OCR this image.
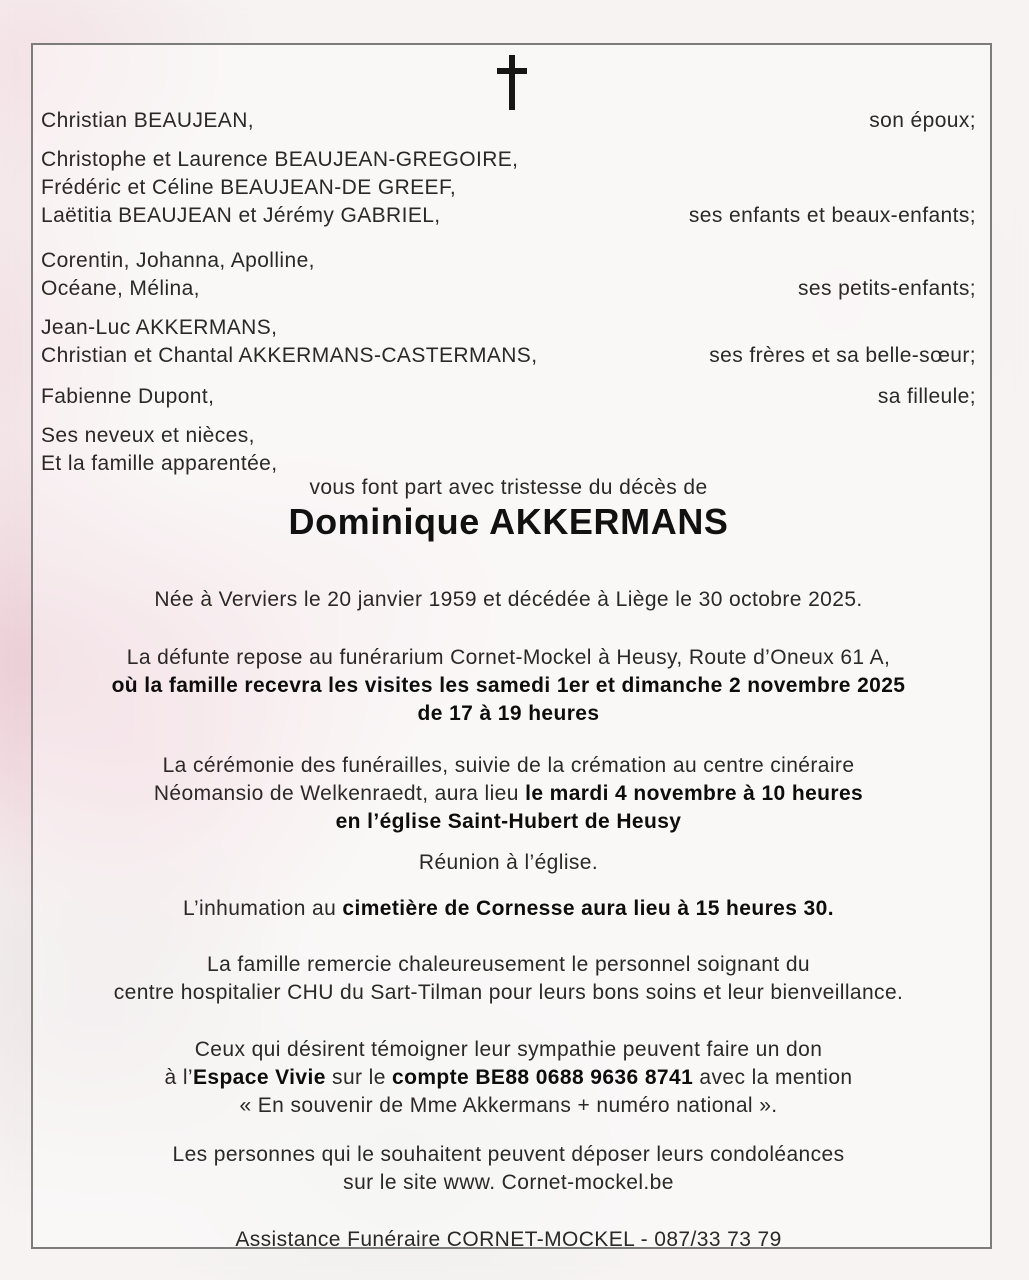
Christian BEAUJEAN,	son époux;
Christophe et Laurence BEAUJEAN-GREGOIRE,
Frédéric et Céline BEAUJEAN-DE GREEF,
Laëtitia BEAUJEAN et Jérémy GABRIEL,	ses enfants et beaux-enfants;
Corentin, Johanna, Apolline,
Océane, Mélina,	ses petits-enfants;
Jean-Luc AKKERMANS,
Christian et Chantal AKKERMANS-CASTERMANS,	ses frères et sa belle-sœur;
Fabienne Dupont,	sa filleule;
Ses neveux et nièces,
Et la famille apparentée,
vous font part avec tristesse du décès de
Dominique AKKERMANS
Née à Verviers le 20 janvier 1959 et décédée à Liège le 30 octobre 2025.
La défunte repose au funérarium Cornet-Mockel à Heusy, Route d’Oneux 61 A,
où la famille recevra les visites les samedi 1er et dimanche 2 novembre 2025
de 17 à 19 heures
La cérémonie des funérailles, suivie de la crémation au centre cinéraire
Néomansio de Welkenraedt, aura lieu le mardi 4 novembre à 10 heures
en l’église Saint-Hubert de Heusy
Réunion à l’église.
L’inhumation au cimetière de Cornesse aura lieu à 15 heures 30.
La famille remercie chaleureusement le personnel soignant du
centre hospitalier CHU du Sart-Tilman pour leurs bons soins et leur bienveillance.
Ceux qui désirent témoigner leur sympathie peuvent faire un don
à l’Espace Vivie sur le compte BE88 0688 9636 8741 avec la mention
« En souvenir de Mme Akkermans + numéro national ».
Les personnes qui le souhaitent peuvent déposer leurs condoléances
sur le site www. Cornet-mockel.be
Assistance Funéraire CORNET-MOCKEL - 087/33 73 79
